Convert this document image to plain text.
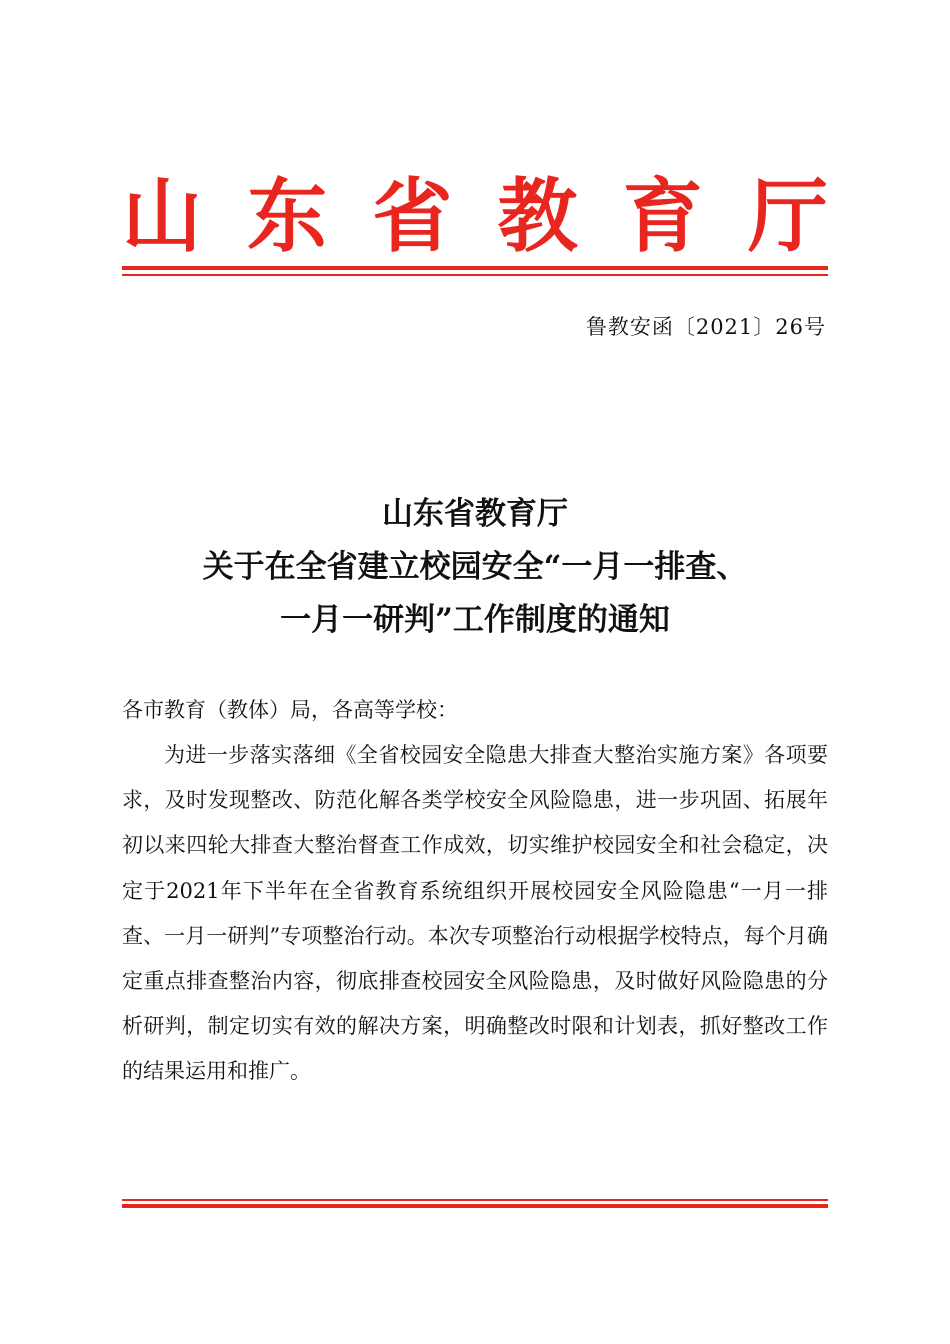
山 东 省 教 育 厅
鲁教安函〔2021〕26号
山东省教育厅
关于在全省建立校园安全“一月一排查、
一月一研判”工作制度的通知
各市教育（教体）局，各高等学校：
为进一步落实落细《全省校园安全隐患大排查大整治实施方案》各项要求，及时发现整改、防范化解各类学校安全风险隐患，进一步巩固、拓展年初以来四轮大排查大整治督查工作成效，切实维护校园安全和社会稳定，决定于2021年下半年在全省教育系统组织开展校园安全风险隐患“一月一排查、一月一研判”专项整治行动。本次专项整治行动根据学校特点，每个月确定重点排查整治内容，彻底排查校园安全风险隐患，及时做好风险隐患的分析研判，制定切实有效的解决方案，明确整改时限和计划表，抓好整改工作的结果运用和推广。
